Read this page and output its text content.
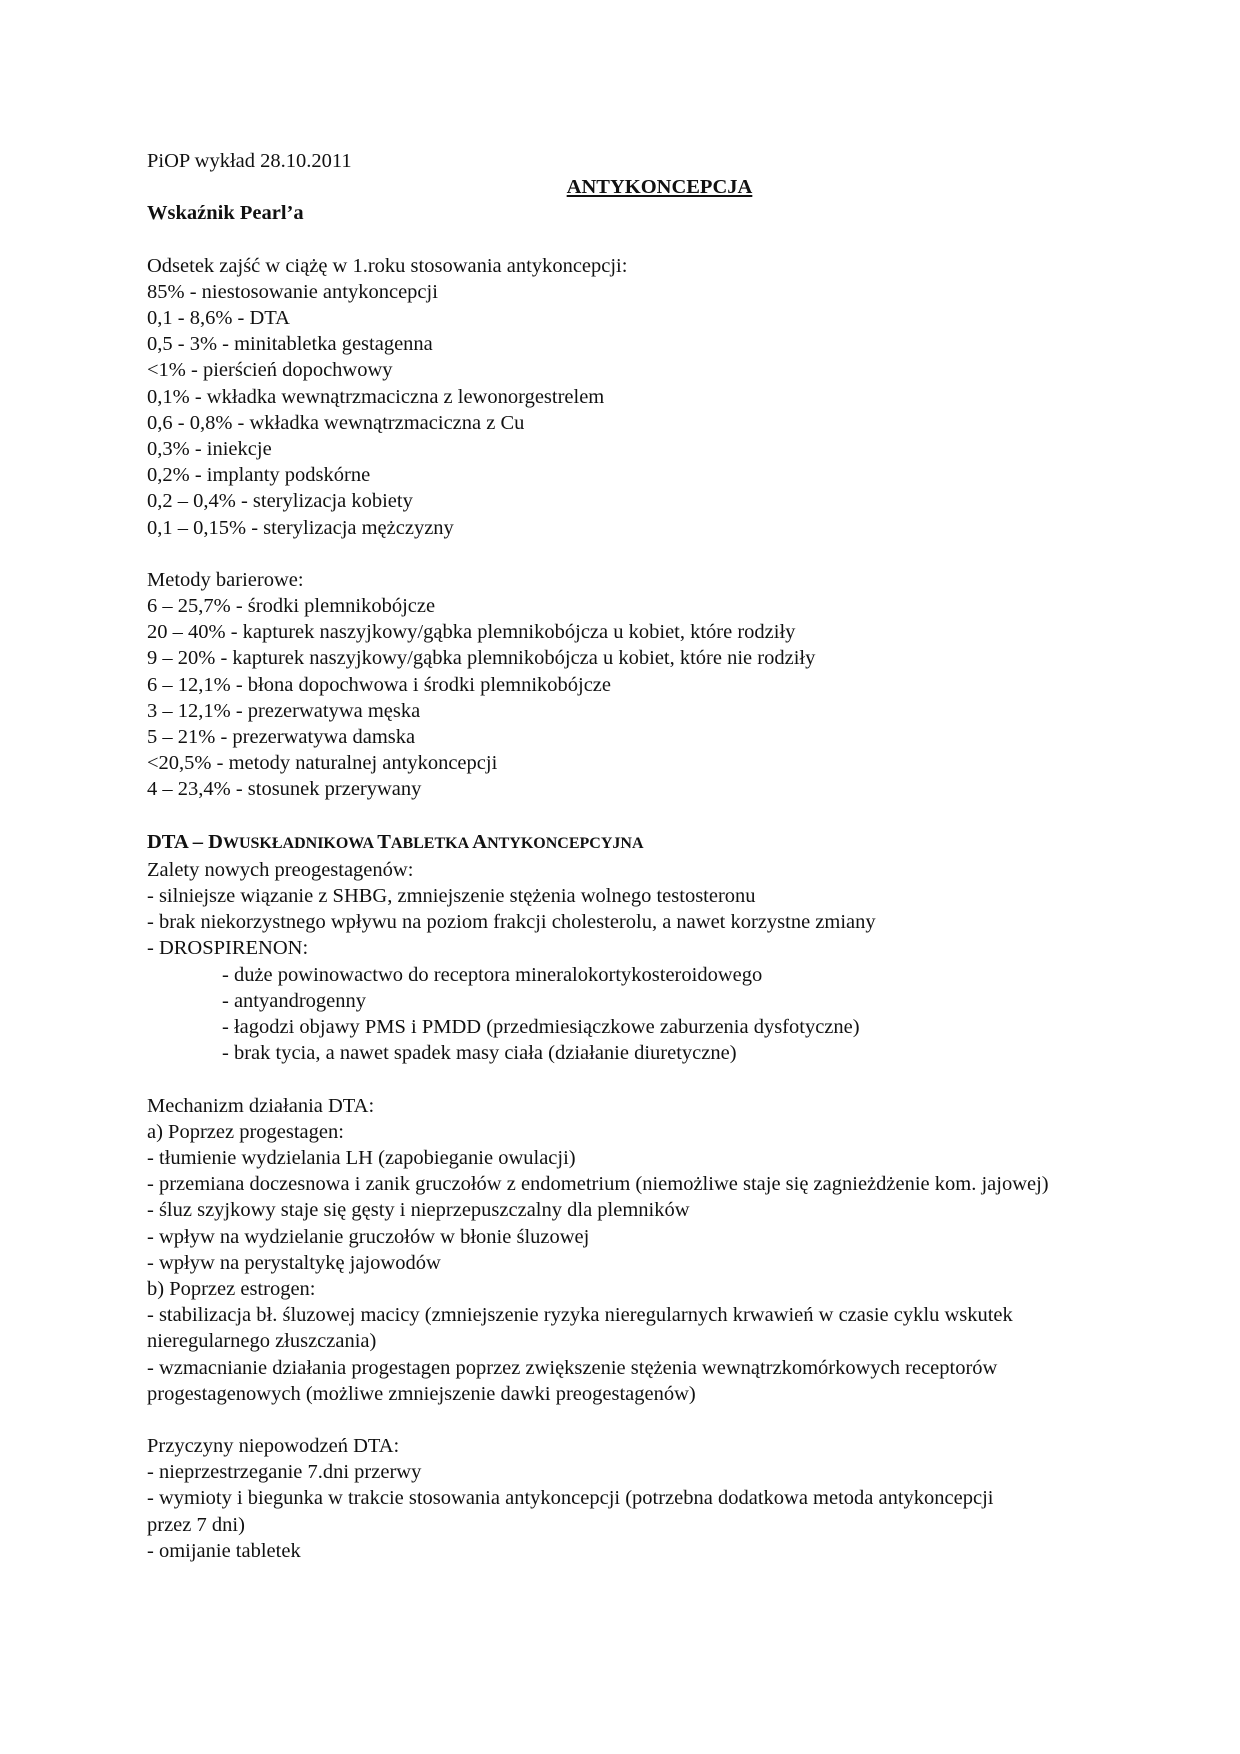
PiOP wykład 28.10.2011
ANTYKONCEPCJA
Wskaźnik Pearl’a
Odsetek zajść w ciążę w 1.roku stosowania antykoncepcji:
85% - niestosowanie antykoncepcji
0,1 - 8,6% - DTA
0,5 - 3% - minitabletka gestagenna
<1% - pierścień dopochwowy
0,1% - wkładka wewnątrzmaciczna z lewonorgestrelem
0,6 - 0,8% - wkładka wewnątrzmaciczna z Cu
0,3% - iniekcje
0,2% - implanty podskórne
0,2 – 0,4% - sterylizacja kobiety
0,1 – 0,15% - sterylizacja mężczyzny
Metody barierowe:
6 – 25,7% - środki plemnikobójcze
20 – 40% - kapturek naszyjkowy/gąbka plemnikobójcza u kobiet, które rodziły
9 – 20% - kapturek naszyjkowy/gąbka plemnikobójcza u kobiet, które nie rodziły
6 – 12,1% - błona dopochwowa i środki plemnikobójcze
3 – 12,1% - prezerwatywa męska
5 – 21% - prezerwatywa damska
<20,5% - metody naturalnej antykoncepcji
4 – 23,4% - stosunek przerywany
DTA – DWUSKŁADNIKOWA TABLETKA ANTYKONCEPCYJNA
Zalety nowych preogestagenów:
- silniejsze wiązanie z SHBG, zmniejszenie stężenia wolnego testosteronu
- brak niekorzystnego wpływu na poziom frakcji cholesterolu, a nawet korzystne zmiany
- DROSPIRENON:
- duże powinowactwo do receptora mineralokortykosteroidowego
- antyandrogenny
- łagodzi objawy PMS i PMDD (przedmiesiączkowe zaburzenia dysfotyczne)
- brak tycia, a nawet spadek masy ciała (działanie diuretyczne)
Mechanizm działania DTA:
a) Poprzez progestagen:
- tłumienie wydzielania LH (zapobieganie owulacji)
- przemiana doczesnowa i zanik gruczołów z endometrium (niemożliwe staje się zagnieżdżenie kom. jajowej)
- śluz szyjkowy staje się gęsty i nieprzepuszczalny dla plemników
- wpływ na wydzielanie gruczołów w błonie śluzowej
- wpływ na perystaltykę jajowodów
b) Poprzez estrogen:
- stabilizacja bł. śluzowej macicy (zmniejszenie ryzyka nieregularnych krwawień w czasie cyklu wskutek nieregularnego złuszczania)
- wzmacnianie działania progestagen poprzez zwiększenie stężenia wewnątrzkomórkowych receptorów progestagenowych (możliwe zmniejszenie dawki preogestagenów)
Przyczyny niepowodzeń DTA:
- nieprzestrzeganie 7.dni przerwy
- wymioty i biegunka w trakcie stosowania antykoncepcji (potrzebna dodatkowa metoda antykoncepcji przez 7 dni)
- omijanie tabletek
